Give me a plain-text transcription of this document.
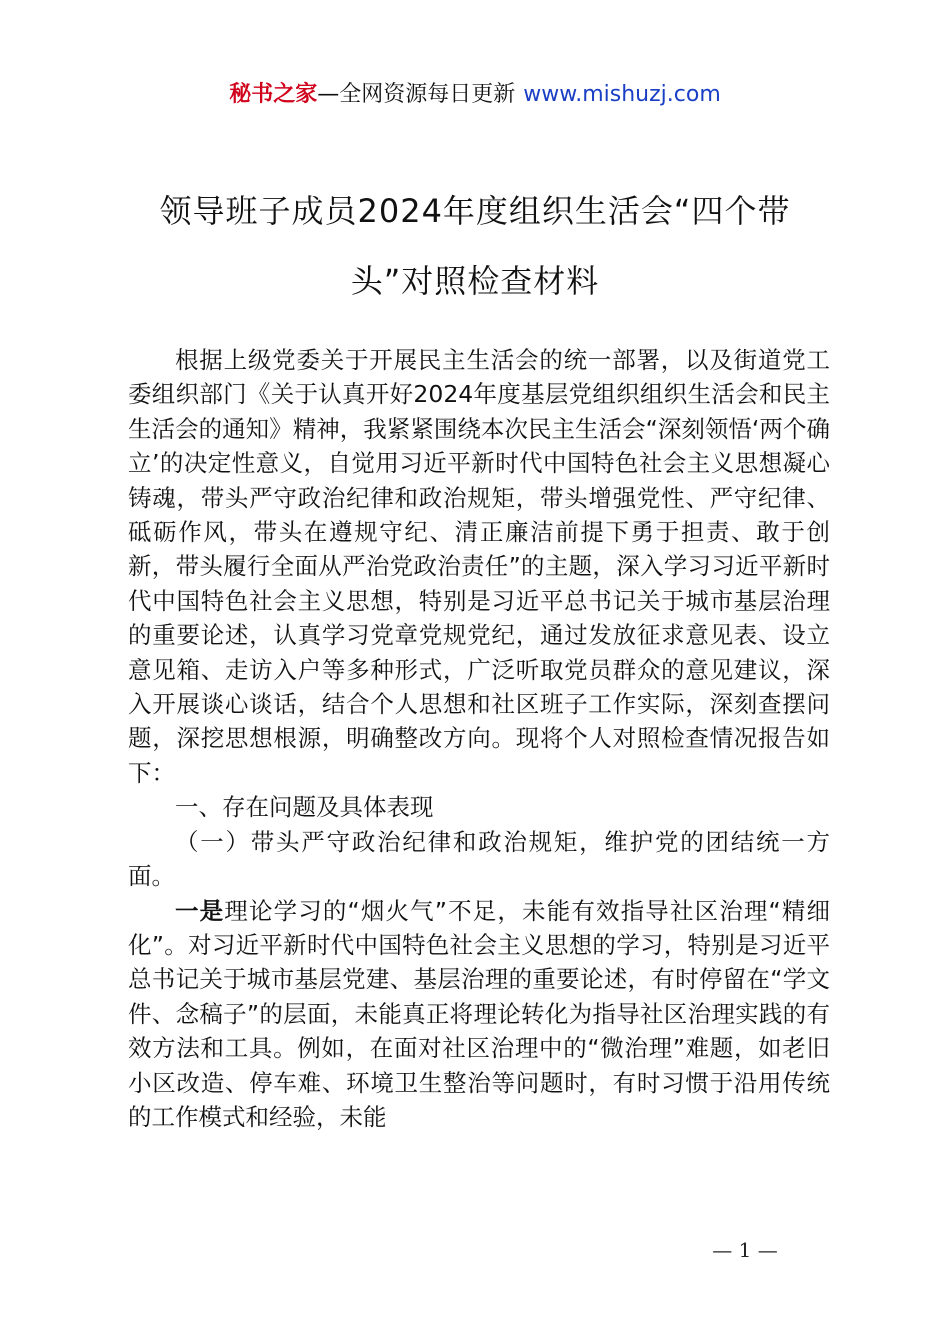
秘书之家—全网资源每日更新 www.mishuzj.com
领导班子成员2024年度组织生活会“四个带头”对照检查材料

根据上级党委关于开展民主生活会的统一部署，以及街道党工委组织部门《关于认真开好2024年度基层党组织组织生活会和民主生活会的通知》精神，我紧紧围绕本次民主生活会“深刻领悟‘两个确立’的决定性意义，自觉用习近平新时代中国特色社会主义思想凝心铸魂，带头严守政治纪律和政治规矩，带头增强党性、严守纪律、砥砺作风，带头在遵规守纪、清正廉洁前提下勇于担责、敢于创新，带头履行全面从严治党政治责任”的主题，深入学习习近平新时代中国特色社会主义思想，特别是习近平总书记关于城市基层治理的重要论述，认真学习党章党规党纪，通过发放征求意见表、设立意见箱、走访入户等多种形式，广泛听取党员群众的意见建议，深入开展谈心谈话，结合个人思想和社区班子工作实际，深刻查摆问题，深挖思想根源，明确整改方向。现将个人对照检查情况报告如下：

一、存在问题及具体表现

（一）带头严守政治纪律和政治规矩，维护党的团结统一方面。

一是理论学习的“烟火气”不足，未能有效指导社区治理“精细化”。对习近平新时代中国特色社会主义思想的学习，特别是习近平总书记关于城市基层党建、基层治理的重要论述，有时停留在“学文件、念稿子”的层面，未能真正将理论转化为指导社区治理实践的有效方法和工具。例如，在面对社区治理中的“微治理”难题，如老旧小区改造、停车难、环境卫生整治等问题时，有时习惯于沿用传统的工作模式和经验，未能

— 1 —
